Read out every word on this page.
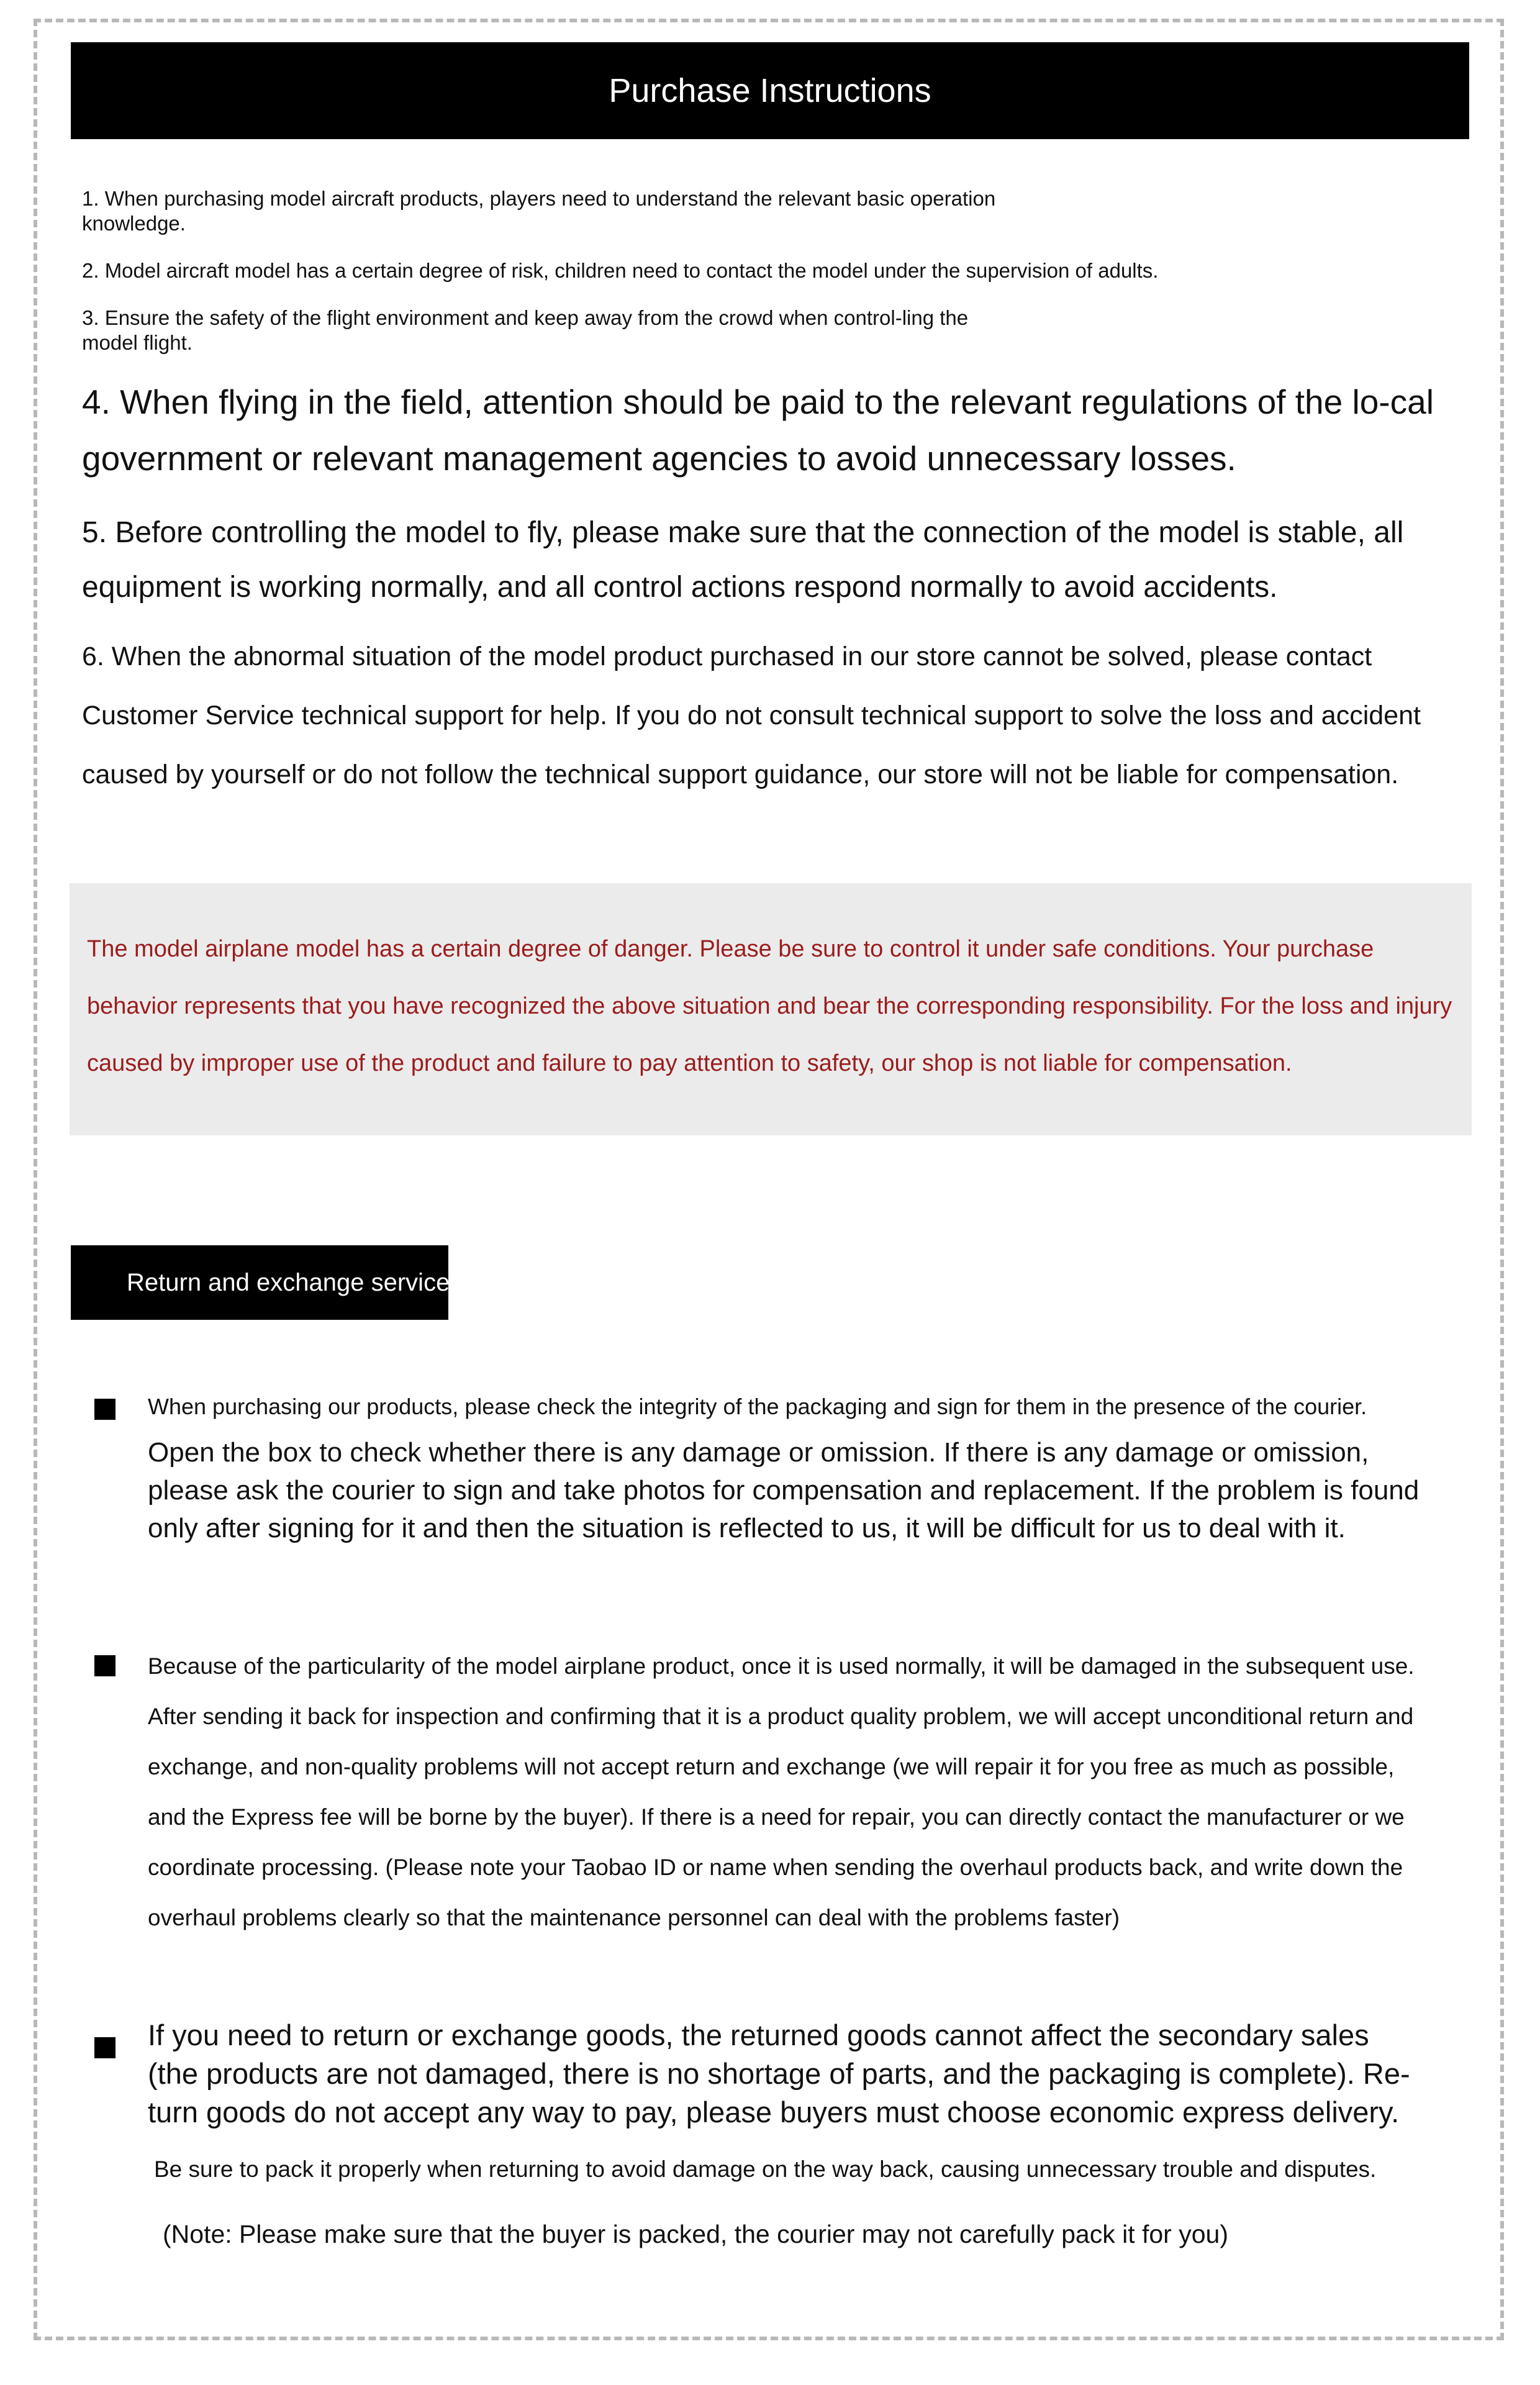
Purchase Instructions

1. When purchasing model aircraft products, players need to understand the relevant basic operation knowledge.

2. Model aircraft model has a certain degree of risk, children need to contact the model under the supervision of adults.

3. Ensure the safety of the flight environment and keep away from the crowd when control-ling the model flight.

4. When flying in the field, attention should be paid to the relevant regulations of the lo-cal government or relevant management agencies to avoid unnecessary losses.

5. Before controlling the model to fly, please make sure that the connection of the model is stable, all equipment is working normally, and all control actions respond normally to avoid accidents.

6. When the abnormal situation of the model product purchased in our store cannot be solved, please contact Customer Service technical support for help. If you do not consult technical support to solve the loss and accident caused by yourself or do not follow the technical support guidance, our store will not be liable for compensation.

The model airplane model has a certain degree of danger. Please be sure to control it under safe conditions. Your purchase behavior represents that you have recognized the above situation and bear the corresponding responsibility. For the loss and injury caused by improper use of the product and failure to pay attention to safety, our shop is not liable for compensation.

Return and exchange service

When purchasing our products, please check the integrity of the packaging and sign for them in the presence of the courier.

Open the box to check whether there is any damage or omission. If there is any damage or omission, please ask the courier to sign and take photos for compensation and replacement. If the problem is found only after signing for it and then the situation is reflected to us, it will be difficult for us to deal with it.

Because of the particularity of the model airplane product, once it is used normally, it will be damaged in the subsequent use. After sending it back for inspection and confirming that it is a product quality problem, we will accept unconditional return and exchange, and non-quality problems will not accept return and exchange (we will repair it for you free as much as possible, and the Express fee will be borne by the buyer). If there is a need for repair, you can directly contact the manufacturer or we coordinate processing. (Please note your Taobao ID or name when sending the overhaul products back, and write down the overhaul problems clearly so that the maintenance personnel can deal with the problems faster)

If you need to return or exchange goods, the returned goods cannot affect the secondary sales (the products are not damaged, there is no shortage of parts, and the packaging is complete). Re-turn goods do not accept any way to pay, please buyers must choose economic express delivery.

Be sure to pack it properly when returning to avoid damage on the way back, causing unnecessary trouble and disputes.

(Note: Please make sure that the buyer is packed, the courier may not carefully pack it for you)
